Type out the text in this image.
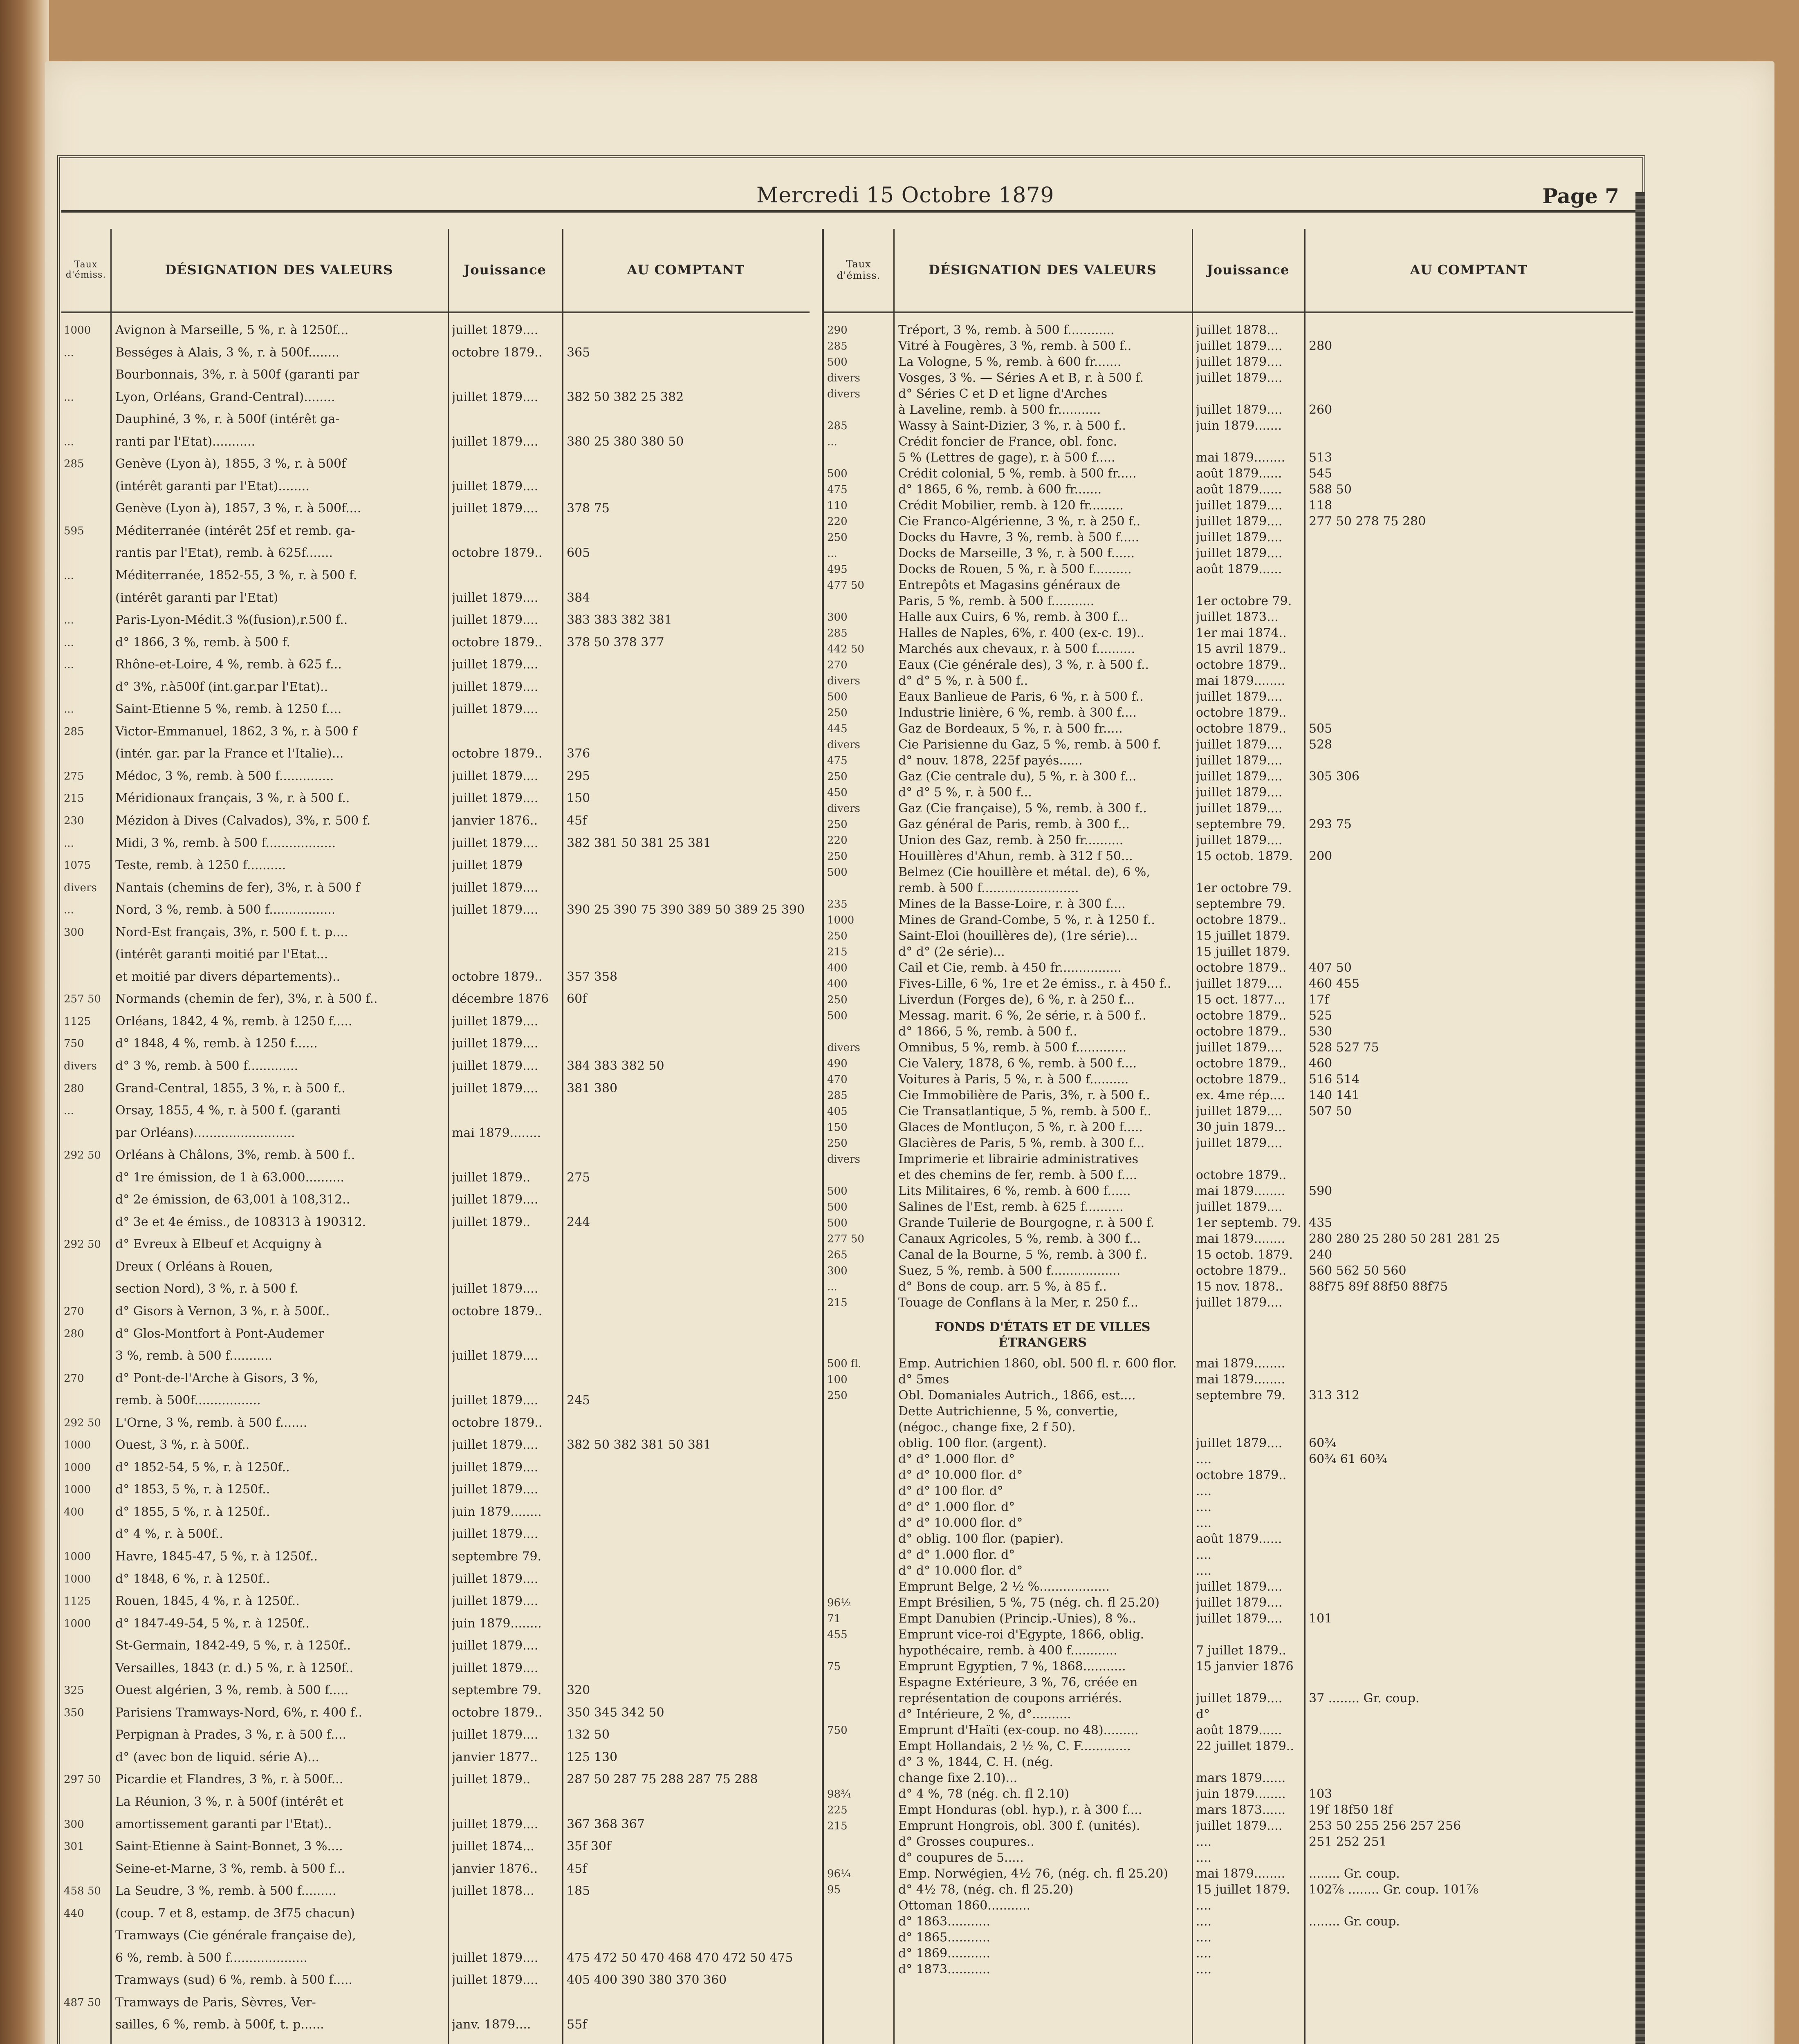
Mercredi 15 Octobre 1879	Page 7
Taux d'émiss.	DÉSIGNATION DES VALEURS	Jouissance	AU COMPTANT
1000	Avignon à Marseille, 5 %, r. à 1250f...	juillet 1879....
...	Bességes à Alais, 3 %, r. à 500f........	octobre 1879..	365
Bourbonnais, 3%, r. à 500f (garanti par
...	Lyon, Orléans, Grand-Central)........	juillet 1879....	382 50 382 25 382
Dauphiné, 3 %, r. à 500f (intérêt ga-
...	ranti par l'Etat)...........	juillet 1879....	380 25 380 380 50
285	Genève (Lyon à), 1855, 3 %, r. à 500f
(intérêt garanti par l'Etat)........	juillet 1879....
Genève (Lyon à), 1857, 3 %, r. à 500f....	juillet 1879....	378 75
595	Méditerranée (intérêt 25f et remb. ga-
rantis par l'Etat), remb. à 625f.......	octobre 1879..	605
...	Méditerranée, 1852-55, 3 %, r. à 500 f.
(intérêt garanti par l'Etat)	juillet 1879....	384
...	Paris-Lyon-Médit.3 %(fusion),r.500 f..	juillet 1879....	383 383 382 381
...	d° 1866, 3 %, remb. à 500 f.	octobre 1879..	378 50 378 377
...	Rhône-et-Loire, 4 %, remb. à 625 f...	juillet 1879....
d° 3%, r.à500f (int.gar.par l'Etat)..	juillet 1879....
...	Saint-Etienne 5 %, remb. à 1250 f....	juillet 1879....
285	Victor-Emmanuel, 1862, 3 %, r. à 500 f
(intér. gar. par la France et l'Italie)...	octobre 1879..	376
275	Médoc, 3 %, remb. à 500 f..............	juillet 1879....	295
215	Méridionaux français, 3 %, r. à 500 f..	juillet 1879....	150
230	Mézidon à Dives (Calvados), 3%, r. 500 f.	janvier 1876..	45f
...	Midi, 3 %, remb. à 500 f..................	juillet 1879....	382 381 50 381 25 381
1075	Teste, remb. à 1250 f..........	juillet 1879
divers	Nantais (chemins de fer), 3%, r. à 500 f	juillet 1879....
...	Nord, 3 %, remb. à 500 f.................	juillet 1879....	390 25 390 75 390 389 50 389 25 390
300	Nord-Est français, 3%, r. 500 f. t. p....
(intérêt garanti moitié par l'Etat...
et moitié par divers départements)..	octobre 1879..	357 358
257 50	Normands (chemin de fer), 3%, r. à 500 f..	décembre 1876	60f
1125	Orléans, 1842, 4 %, remb. à 1250 f.....	juillet 1879....
750	d° 1848, 4 %, remb. à 1250 f......	juillet 1879....
divers	d° 3 %, remb. à 500 f.............	juillet 1879....	384 383 382 50
280	Grand-Central, 1855, 3 %, r. à 500 f..	juillet 1879....	381 380
...	Orsay, 1855, 4 %, r. à 500 f. (garanti
par Orléans)..........................	mai 1879........
292 50	Orléans à Châlons, 3%, remb. à 500 f..
d° 1re émission, de 1 à 63.000..........	juillet 1879..	275
d° 2e émission, de 63,001 à 108,312..	juillet 1879....
d° 3e et 4e émiss., de 108313 à 190312.	juillet 1879..	244
292 50	d° Evreux à Elbeuf et Acquigny à
Dreux ( Orléans à Rouen,
section Nord), 3 %, r. à 500 f.	juillet 1879....
270	d° Gisors à Vernon, 3 %, r. à 500f..	octobre 1879..
280	d° Glos-Montfort à Pont-Audemer
3 %, remb. à 500 f...........	juillet 1879....
270	d° Pont-de-l'Arche à Gisors, 3 %,
remb. à 500f.................	juillet 1879....	245
292 50	L'Orne, 3 %, remb. à 500 f.......	octobre 1879..
1000	Ouest, 3 %, r. à 500f..	juillet 1879....	382 50 382 381 50 381
1000	d° 1852-54, 5 %, r. à 1250f..	juillet 1879....
1000	d° 1853, 5 %, r. à 1250f..	juillet 1879....
400	d° 1855, 5 %, r. à 1250f..	juin 1879........
d° 4 %, r. à 500f..	juillet 1879....
1000	Havre, 1845-47, 5 %, r. à 1250f..	septembre 79.
1000	d° 1848, 6 %, r. à 1250f..	juillet 1879....
1125	Rouen, 1845, 4 %, r. à 1250f..	juillet 1879....
1000	d° 1847-49-54, 5 %, r. à 1250f..	juin 1879........
St-Germain, 1842-49, 5 %, r. à 1250f..	juillet 1879....
Versailles, 1843 (r. d.) 5 %, r. à 1250f..	juillet 1879....
325	Ouest algérien, 3 %, remb. à 500 f.....	septembre 79.	320
350	Parisiens Tramways-Nord, 6%, r. 400 f..	octobre 1879..	350 345 342 50
Perpignan à Prades, 3 %, r. à 500 f....	juillet 1879....	132 50
d° (avec bon de liquid. série A)...	janvier 1877..	125 130
297 50	Picardie et Flandres, 3 %, r. à 500f...	juillet 1879..	287 50 287 75 288 287 75 288
La Réunion, 3 %, r. à 500f (intérêt et
300	amortissement garanti par l'Etat)..	juillet 1879....	367 368 367
301	Saint-Etienne à Saint-Bonnet, 3 %....	juillet 1874...	35f 30f
Seine-et-Marne, 3 %, remb. à 500 f...	janvier 1876..	45f
458 50	La Seudre, 3 %, remb. à 500 f.........	juillet 1878...	185
440	(coup. 7 et 8, estamp. de 3f75 chacun)
Tramways (Cie générale française de),
6 %, remb. à 500 f....................	juillet 1879....	475 472 50 470 468 470 472 50 475
Tramways (sud) 6 %, remb. à 500 f.....	juillet 1879....	405 400 390 380 370 360
487 50	Tramways de Paris, Sèvres, Ver-
sailles, 6 %, remb. à 500f, t. p......	janv. 1879....	55f
Taux d'émiss.	DÉSIGNATION DES VALEURS	Jouissance	AU COMPTANT
290	Tréport, 3 %, remb. à 500 f............	juillet 1878...
285	Vitré à Fougères, 3 %, remb. à 500 f..	juillet 1879....	280
500	La Vologne, 5 %, remb. à 600 fr.......	juillet 1879....
divers	Vosges, 3 %. — Séries A et B, r. à 500 f.	juillet 1879....
divers	d° Séries C et D et ligne d'Arches
à Laveline, remb. à 500 fr...........	juillet 1879....	260
285	Wassy à Saint-Dizier, 3 %, r. à 500 f..	juin 1879.......
...	Crédit foncier de France, obl. fonc.
5 % (Lettres de gage), r. à 500 f.....	mai 1879........	513
500	Crédit colonial, 5 %, remb. à 500 fr.....	août 1879......	545
475	d° 1865, 6 %, remb. à 600 fr.......	août 1879......	588 50
110	Crédit Mobilier, remb. à 120 fr.........	juillet 1879....	118
220	Cie Franco-Algérienne, 3 %, r. à 250 f..	juillet 1879....	277 50 278 75 280
250	Docks du Havre, 3 %, remb. à 500 f.....	juillet 1879....
...	Docks de Marseille, 3 %, r. à 500 f......	juillet 1879....
495	Docks de Rouen, 5 %, r. à 500 f..........	août 1879......
477 50	Entrepôts et Magasins généraux de
Paris, 5 %, remb. à 500 f...........	1er octobre 79.
300	Halle aux Cuirs, 6 %, remb. à 300 f...	juillet 1873...
285	Halles de Naples, 6%, r. 400 (ex-c. 19)..	1er mai 1874..
442 50	Marchés aux chevaux, r. à 500 f..........	15 avril 1879..
270	Eaux (Cie générale des), 3 %, r. à 500 f..	octobre 1879..
divers	d° d° 5 %, r. à 500 f..	mai 1879........
500	Eaux Banlieue de Paris, 6 %, r. à 500 f..	juillet 1879....
250	Industrie linière, 6 %, remb. à 300 f....	octobre 1879..
445	Gaz de Bordeaux, 5 %, r. à 500 fr.....	octobre 1879..	505
divers	Cie Parisienne du Gaz, 5 %, remb. à 500 f.	juillet 1879....	528
475	d° nouv. 1878, 225f payés......	juillet 1879....
250	Gaz (Cie centrale du), 5 %, r. à 300 f...	juillet 1879....	305 306
450	d° d° 5 %, r. à 500 f...	juillet 1879....
divers	Gaz (Cie française), 5 %, remb. à 300 f..	juillet 1879....
250	Gaz général de Paris, remb. à 300 f...	septembre 79.	293 75
220	Union des Gaz, remb. à 250 fr..........	juillet 1879....
250	Houillères d'Ahun, remb. à 312 f 50...	15 octob. 1879.	200
500	Belmez (Cie houillère et métal. de), 6 %,
remb. à 500 f.........................	1er octobre 79.
235	Mines de la Basse-Loire, r. à 300 f....	septembre 79.
1000	Mines de Grand-Combe, 5 %, r. à 1250 f..	octobre 1879..
250	Saint-Eloi (houillères de), (1re série)...	15 juillet 1879.
215	d° d° (2e série)...	15 juillet 1879.
400	Cail et Cie, remb. à 450 fr................	octobre 1879..	407 50
400	Fives-Lille, 6 %, 1re et 2e émiss., r. à 450 f..	juillet 1879....	460 455
250	Liverdun (Forges de), 6 %, r. à 250 f...	15 oct. 1877...	17f
500	Messag. marit. 6 %, 2e série, r. à 500 f..	octobre 1879..	525
d° 1866, 5 %, remb. à 500 f..	octobre 1879..	530
divers	Omnibus, 5 %, remb. à 500 f.............	juillet 1879....	528 527 75
490	Cie Valery, 1878, 6 %, remb. à 500 f....	octobre 1879..	460
470	Voitures à Paris, 5 %, r. à 500 f..........	octobre 1879..	516 514
285	Cie Immobilière de Paris, 3%, r. à 500 f..	ex. 4me rép....	140 141
405	Cie Transatlantique, 5 %, remb. à 500 f..	juillet 1879....	507 50
150	Glaces de Montluçon, 5 %, r. à 200 f.....	30 juin 1879...
250	Glacières de Paris, 5 %, remb. à 300 f...	juillet 1879....
divers	Imprimerie et librairie administratives
et des chemins de fer, remb. à 500 f....	octobre 1879..
500	Lits Militaires, 6 %, remb. à 600 f......	mai 1879........	590
500	Salines de l'Est, remb. à 625 f..........	juillet 1879....
500	Grande Tuilerie de Bourgogne, r. à 500 f.	1er septemb. 79. 435
277 50	Canaux Agricoles, 5 %, remb. à 300 f...	mai 1879........	280 280 25 280 50 281 281 25
265	Canal de la Bourne, 5 %, remb. à 300 f..	15 octob. 1879.	240
300	Suez, 5 %, remb. à 500 f..................	octobre 1879..	560 562 50 560
...	d° Bons de coup. arr. 5 %, à 85 f..	15 nov. 1878..	88f75 89f 88f50 88f75
215	Touage de Conflans à la Mer, r. 250 f...	juillet 1879....
FONDS D'ÉTATS ET DE VILLES ÉTRANGERS
500 fl.	Emp. Autrichien 1860, obl. 500 fl. r. 600 flor.	mai 1879........
100	d° 5mes	mai 1879........
250	Obl. Domaniales Autrich., 1866, est....	septembre 79.	313 312
Dette Autrichienne, 5 %, convertie,
(négoc., change fixe, 2 f 50).
oblig. 100 flor. (argent).	juillet 1879....	60¾
d° d° 1.000 flor. d°	....	60¾ 61 60¾
d° d° 10.000 flor. d°	octobre 1879..
d° d° 100 flor. d°	....
d° d° 1.000 flor. d°	....
d° d° 10.000 flor. d°	....
d° oblig. 100 flor. (papier).	août 1879......
d° d° 1.000 flor. d°	....
d° d° 10.000 flor. d°	....
Emprunt Belge, 2 ½ %..................	juillet 1879....
96½	Empt Brésilien, 5 %, 75 (nég. ch. fl 25.20)	juillet 1879....
71	Empt Danubien (Princip.-Unies), 8 %..	juillet 1879....	101
455	Emprunt vice-roi d'Egypte, 1866, oblig.
hypothécaire, remb. à 400 f............	7 juillet 1879..
75	Emprunt Egyptien, 7 %, 1868...........	15 janvier 1876
Espagne Extérieure, 3 %, 76, créée en
représentation de coupons arriérés.	juillet 1879....	37 ........ Gr. coup.
d° Intérieure, 2 %, d°..........	d°
750	Emprunt d'Haïti (ex-coup. no 48).........	août 1879......
Empt Hollandais, 2 ½ %, C. F.............	22 juillet 1879..
d° 3 %, 1844, C. H. (nég.
change fixe 2.10)...	mars 1879......
98¾	d° 4 %, 78 (nég. ch. fl 2.10)	juin 1879........	103
225	Empt Honduras (obl. hyp.), r. à 300 f....	mars 1873......	19f 18f50 18f
215	Emprunt Hongrois, obl. 300 f. (unités).	juillet 1879....	253 50 255 256 257 256
d° Grosses coupures..	....	251 252 251
d° coupures de 5.....	....
96¼	Emp. Norwégien, 4½ 76, (nég. ch. fl 25.20)	mai 1879........	........ Gr. coup.
95	d° 4½ 78, (nég. ch. fl 25.20)	15 juillet 1879.	102⅞ ........ Gr. coup. 101⅞
Ottoman 1860...........	....
d° 1863...........	....	........ Gr. coup.
d° 1865...........	....
d° 1869...........	....
d° 1873...........	....
